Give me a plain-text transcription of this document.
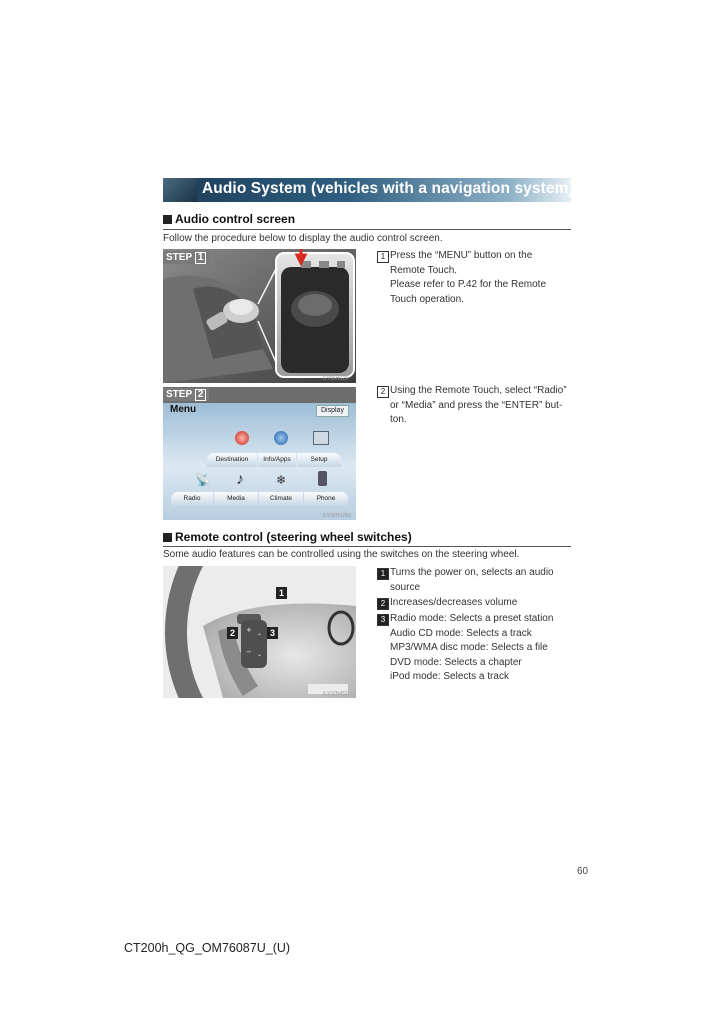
Audio System (vehicles with a navigation system)
Audio control screen
Follow the procedure below to display the audio control screen.
STEP 1
ILY06H326
1 Press the “MENU” button on the
Remote Touch.
Please refer to P.42 for the Remote
Touch operation.
STEP 2
Menu	Display
Destination	Info/Apps	Setup
📡 ♪	❄
Radio	Media	Climate	Phone
ILY06H328U
2 Using the Remote Touch, select “Radio”
or “Media” and press the “ENTER” but-
ton.
Remote control (steering wheel switches)
Some audio features can be controlled using the switches on the steering wheel.
+
−
⌃
⌄
1
2	3
ILY32H452
1 Turns the power on, selects an audio
source
2 Increases/decreases volume
3 Radio mode: Selects a preset station
Audio CD mode: Selects a track
MP3/WMA disc mode: Selects a file
DVD mode: Selects a chapter
iPod mode: Selects a track
60
CT200h_QG_OM76087U_(U)
